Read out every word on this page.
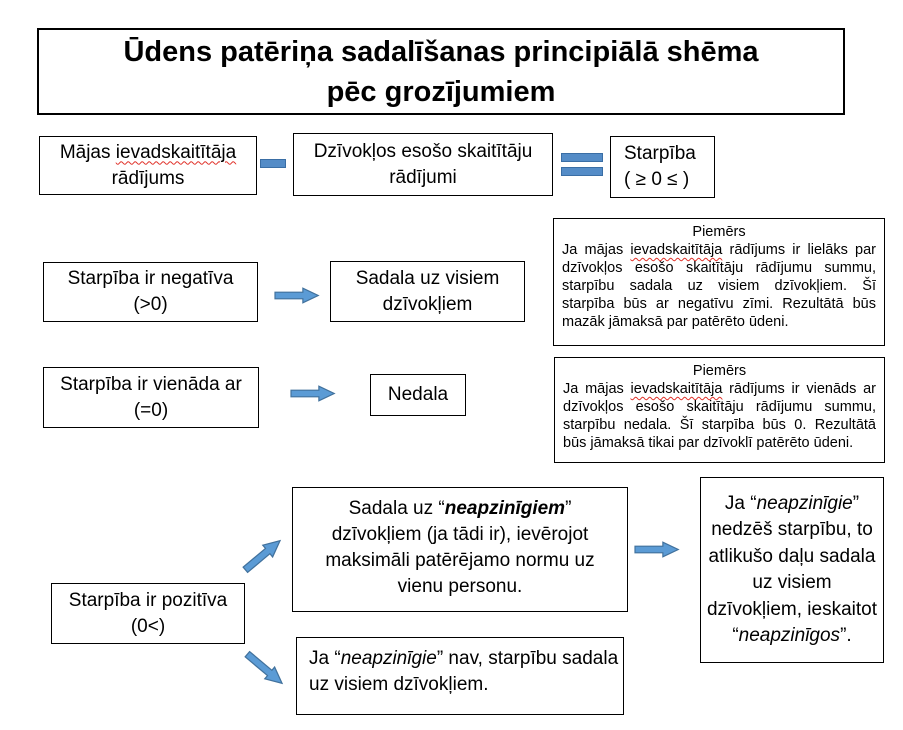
Ūdens patēriņa sadalīšanas principiālā shēma
pēc grozījumiem
Mājas ievadskaitītāja
rādījums
Dzīvokļos esošo skaitītāju
rādījumi
Starpība
( ≥ 0 ≤ )
Starpība ir negatīva
(>0)
Sadala uz visiem
dzīvokļiem
Piemērs
Ja mājas ievadskaitītāja rādījums ir lielāks par dzīvokļos esošo skaitītāju rādījumu summu, starpību sadala uz visiem dzīvokļiem. Šī starpība būs ar negatīvu zīmi. Rezultātā būs mazāk jāmaksā par patērēto ūdeni.
Starpība ir vienāda ar
(=0)
Nedala
Piemērs
Ja mājas ievadskaitītāja rādījums ir vienāds ar dzīvokļos esošo skaitītāju rādījumu summu, starpību nedala. Šī starpība būs 0. Rezultātā būs jāmaksā tikai par dzīvoklī patērēto ūdeni.
Starpība ir pozitīva
(0<)
Sadala uz “neapzinīgiem” dzīvokļiem (ja tādi ir), ievērojot maksimāli patērējamo normu uz vienu personu.
Ja “neapzinīgie” nav, starpību sadala uz visiem dzīvokļiem.
Ja “neapzinīgie” nedzēš starpību, to atlikušo daļu sadala uz visiem dzīvokļiem, ieskaitot “neapzinīgos”.
